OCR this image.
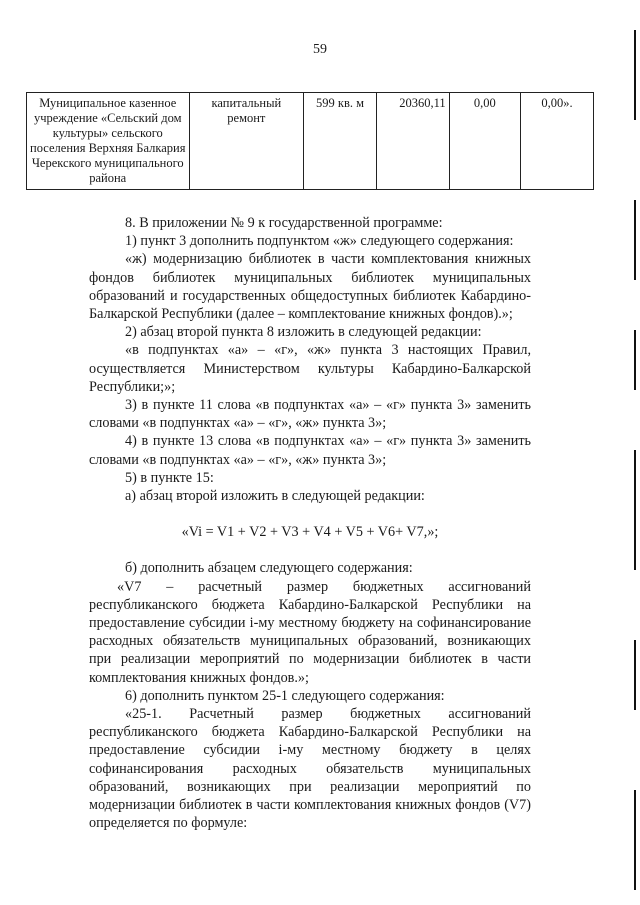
59
Муниципальное казенное учреждение «Сельский дом культуры» сельского поселения Верхняя Балкария Черекского муниципального района	капитальный ремонт	599 кв. м	20360,11	0,00	0,00».

8. В приложении № 9 к государственной программе:

1) пункт 3 дополнить подпунктом «ж» следующего содержания:

«ж) модернизацию библиотек в части комплектования книжных фондов библиотек муниципальных библиотек муниципальных образований и государственных общедоступных библиотек Кабардино-Балкарской Республики (далее – комплектование книжных фондов).»;

2) абзац второй пункта 8 изложить в следующей редакции:

«в подпунктах «а» – «г», «ж» пункта 3 настоящих Правил, осуществляется Министерством культуры Кабардино-Балкарской Республики;»;

3) в пункте 11 слова «в подпунктах «а» – «г» пункта 3» заменить словами «в подпунктах «а» – «г», «ж» пункта 3»;

4) в пункте 13 слова «в подпунктах «а» – «г» пункта 3» заменить словами «в подпунктах «а» – «г», «ж» пункта 3»;

5) в пункте 15:

а) абзац второй изложить в следующей редакции:

«Vi = V1 + V2 + V3 + V4 + V5 + V6+ V7,»;

б) дополнить абзацем следующего содержания:

«V7 – расчетный размер бюджетных ассигнований республиканского бюджета Кабардино-Балкарской Республики на предоставление субсидии i-му местному бюджету на софинансирование расходных обязательств муниципальных образований, возникающих при реализации мероприятий по модернизации библиотек в части комплектования книжных фондов.»;

6) дополнить пунктом 25-1 следующего содержания:

«25-1. Расчетный размер бюджетных ассигнований республиканского бюджета Кабардино-Балкарской Республики на предоставление субсидии i-му местному бюджету в целях софинансирования расходных обязательств муниципальных образований, возникающих при реализации мероприятий по модернизации библиотек в части комплектования книжных фондов (V7) определяется по формуле:
